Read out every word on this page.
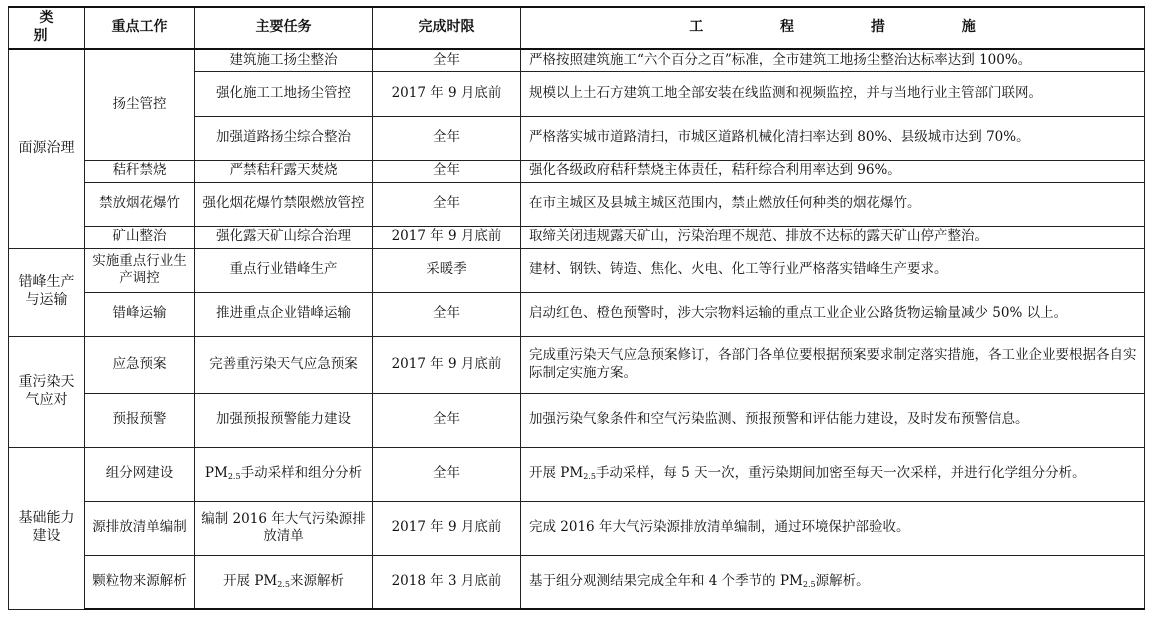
类 别	重点工作	主要任务	完成时限	工 程 措 施
面源治理	扬尘管控	建筑施工扬尘整治	全年	严格按照建筑施工“六个百分之百”标准，全市建筑工地扬尘整治达标率达到 100%。
		强化施工工地扬尘管控	2017 年 9 月底前	规模以上土石方建筑工地全部安装在线监测和视频监控，并与当地行业主管部门联网。
		加强道路扬尘综合整治	全年	严格落实城市道路清扫，市城区道路机械化清扫率达到 80%、县级城市达到 70%。
	秸秆禁烧	严禁秸秆露天焚烧	全年	强化各级政府秸秆禁烧主体责任，秸秆综合利用率达到 96%。
	禁放烟花爆竹	强化烟花爆竹禁限燃放管控	全年	在市主城区及县城主城区范围内，禁止燃放任何种类的烟花爆竹。
	矿山整治	强化露天矿山综合治理	2017 年 9 月底前	取缔关闭违规露天矿山，污染治理不规范、排放不达标的露天矿山停产整治。
错峰生产与运输	实施重点行业生产调控	重点行业错峰生产	采暖季	建材、钢铁、铸造、焦化、火电、化工等行业严格落实错峰生产要求。
	错峰运输	推进重点企业错峰运输	全年	启动红色、橙色预警时，涉大宗物料运输的重点工业企业公路货物运输量减少 50% 以上。
重污染天气应对	应急预案	完善重污染天气应急预案	2017 年 9 月底前	完成重污染天气应急预案修订，各部门各单位要根据预案要求制定落实措施，各工业企业要根据各自实际制定实施方案。
	预报预警	加强预报预警能力建设	全年	加强污染气象条件和空气污染监测、预报预警和评估能力建设，及时发布预警信息。
基础能力建设	组分网建设	$PM_{2.5}$手动采样和组分分析	全年	开展 $PM_{2.5}$手动采样，每 5 天一次，重污染期间加密至每天一次采样，并进行化学组分分析。
	源排放清单编制	编制 2016 年大气污染源排放清单	2017 年 9 月底前	完成 2016 年大气污染源排放清单编制，通过环境保护部验收。
	颗粒物来源解析	开展 $PM_{2.5}$来源解析	2018 年 3 月底前	基于组分观测结果完成全年和 4 个季节的 $PM_{2.5}$源解析。
